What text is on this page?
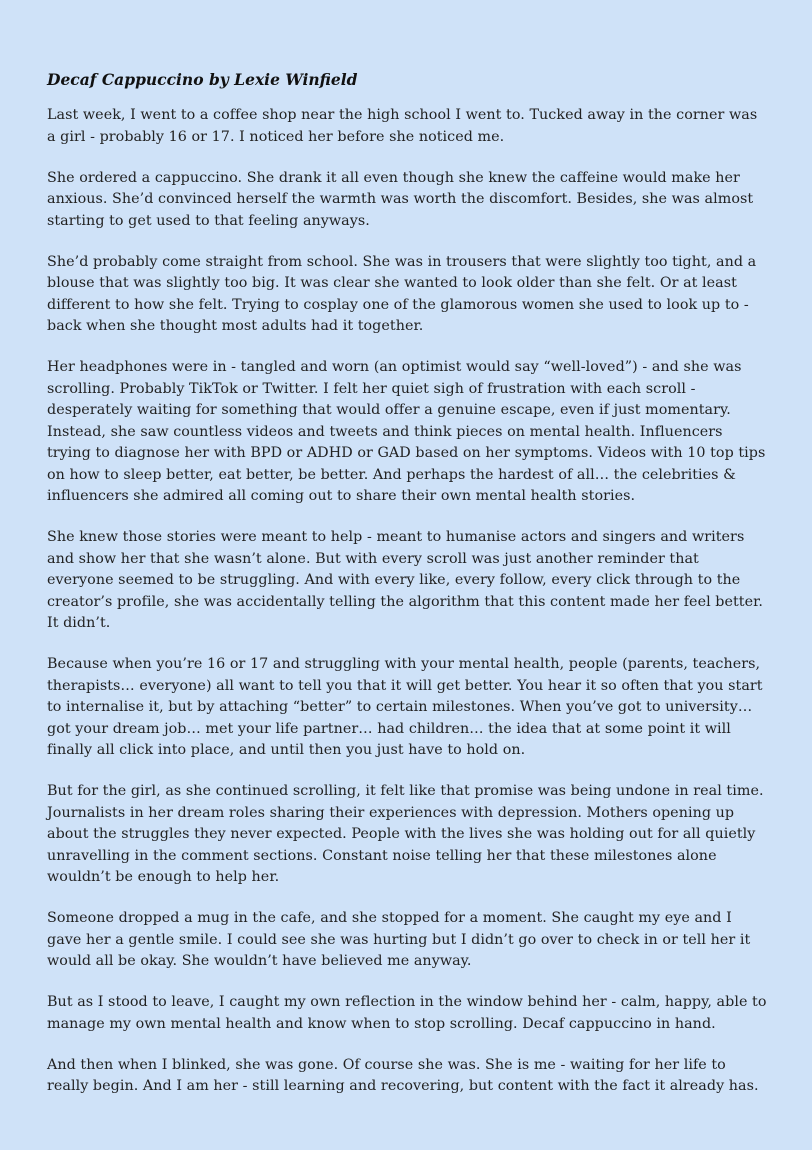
Decaf Cappuccino by Lexie Winfield

Last week, I went to a coffee shop near the high school I went to. Tucked away in the corner was a girl - probably 16 or 17. I noticed her before she noticed me.

She ordered a cappuccino. She drank it all even though she knew the caffeine would make her anxious. She’d convinced herself the warmth was worth the discomfort. Besides, she was almost starting to get used to that feeling anyways.

She’d probably come straight from school. She was in trousers that were slightly too tight, and a blouse that was slightly too big. It was clear she wanted to look older than she felt. Or at least different to how she felt. Trying to cosplay one of the glamorous women she used to look up to - back when she thought most adults had it together.

Her headphones were in - tangled and worn (an optimist would say “well-loved”) - and she was scrolling. Probably TikTok or Twitter. I felt her quiet sigh of frustration with each scroll - desperately waiting for something that would offer a genuine escape, even if just momentary. Instead, she saw countless videos and tweets and think pieces on mental health. Influencers trying to diagnose her with BPD or ADHD or GAD based on her symptoms. Videos with 10 top tips on how to sleep better, eat better, be better. And perhaps the hardest of all… the celebrities & influencers she admired all coming out to share their own mental health stories.

She knew those stories were meant to help - meant to humanise actors and singers and writers and show her that she wasn’t alone. But with every scroll was just another reminder that everyone seemed to be struggling. And with every like, every follow, every click through to the creator’s profile, she was accidentally telling the algorithm that this content made her feel better. It didn’t.

Because when you’re 16 or 17 and struggling with your mental health, people (parents, teachers, therapists… everyone) all want to tell you that it will get better. You hear it so often that you start to internalise it, but by attaching “better” to certain milestones. When you’ve got to university… got your dream job… met your life partner… had children… the idea that at some point it will finally all click into place, and until then you just have to hold on.

But for the girl, as she continued scrolling, it felt like that promise was being undone in real time. Journalists in her dream roles sharing their experiences with depression. Mothers opening up about the struggles they never expected. People with the lives she was holding out for all quietly unravelling in the comment sections. Constant noise telling her that these milestones alone wouldn’t be enough to help her.

Someone dropped a mug in the cafe, and she stopped for a moment. She caught my eye and I gave her a gentle smile. I could see she was hurting but I didn’t go over to check in or tell her it would all be okay. She wouldn’t have believed me anyway.

But as I stood to leave, I caught my own reflection in the window behind her - calm, happy, able to manage my own mental health and know when to stop scrolling. Decaf cappuccino in hand.

And then when I blinked, she was gone. Of course she was. She is me - waiting for her life to really begin. And I am her - still learning and recovering, but content with the fact it already has.
